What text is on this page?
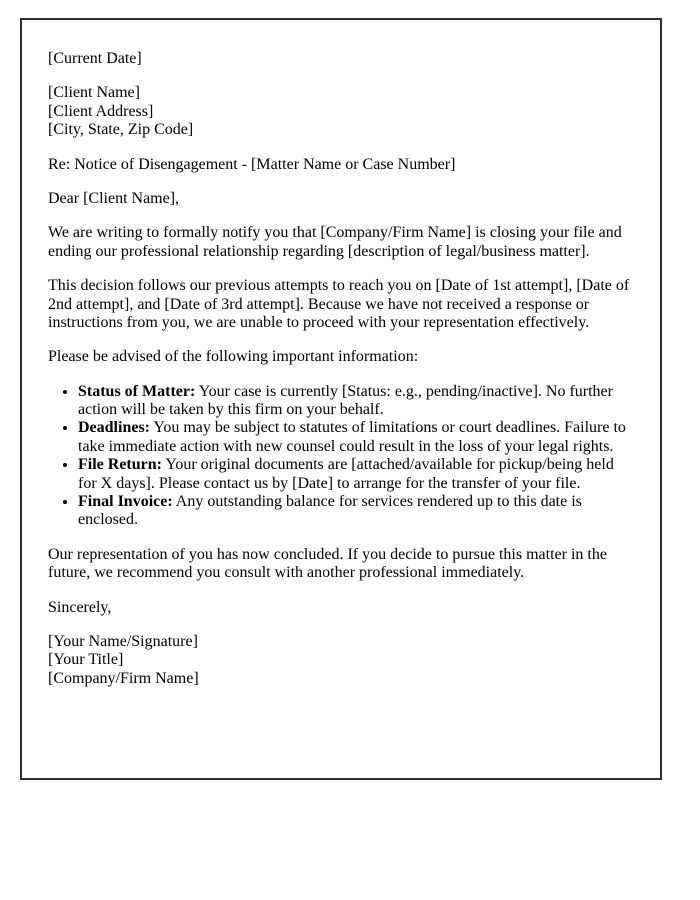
[Current Date]

[Client Name]
[Client Address]
[City, State, Zip Code]

Re: Notice of Disengagement - [Matter Name or Case Number]

Dear [Client Name],

We are writing to formally notify you that [Company/Firm Name] is closing your file and ending our professional relationship regarding [description of legal/business matter].

This decision follows our previous attempts to reach you on [Date of 1st attempt], [Date of 2nd attempt], and [Date of 3rd attempt]. Because we have not received a response or instructions from you, we are unable to proceed with your representation effectively.

Please be advised of the following important information:

• Status of Matter: Your case is currently [Status: e.g., pending/inactive]. No further action will be taken by this firm on your behalf.
• Deadlines: You may be subject to statutes of limitations or court deadlines. Failure to take immediate action with new counsel could result in the loss of your legal rights.
• File Return: Your original documents are [attached/available for pickup/being held for X days]. Please contact us by [Date] to arrange for the transfer of your file.
• Final Invoice: Any outstanding balance for services rendered up to this date is enclosed.

Our representation of you has now concluded. If you decide to pursue this matter in the future, we recommend you consult with another professional immediately.

Sincerely,

[Your Name/Signature]
[Your Title]
[Company/Firm Name]
